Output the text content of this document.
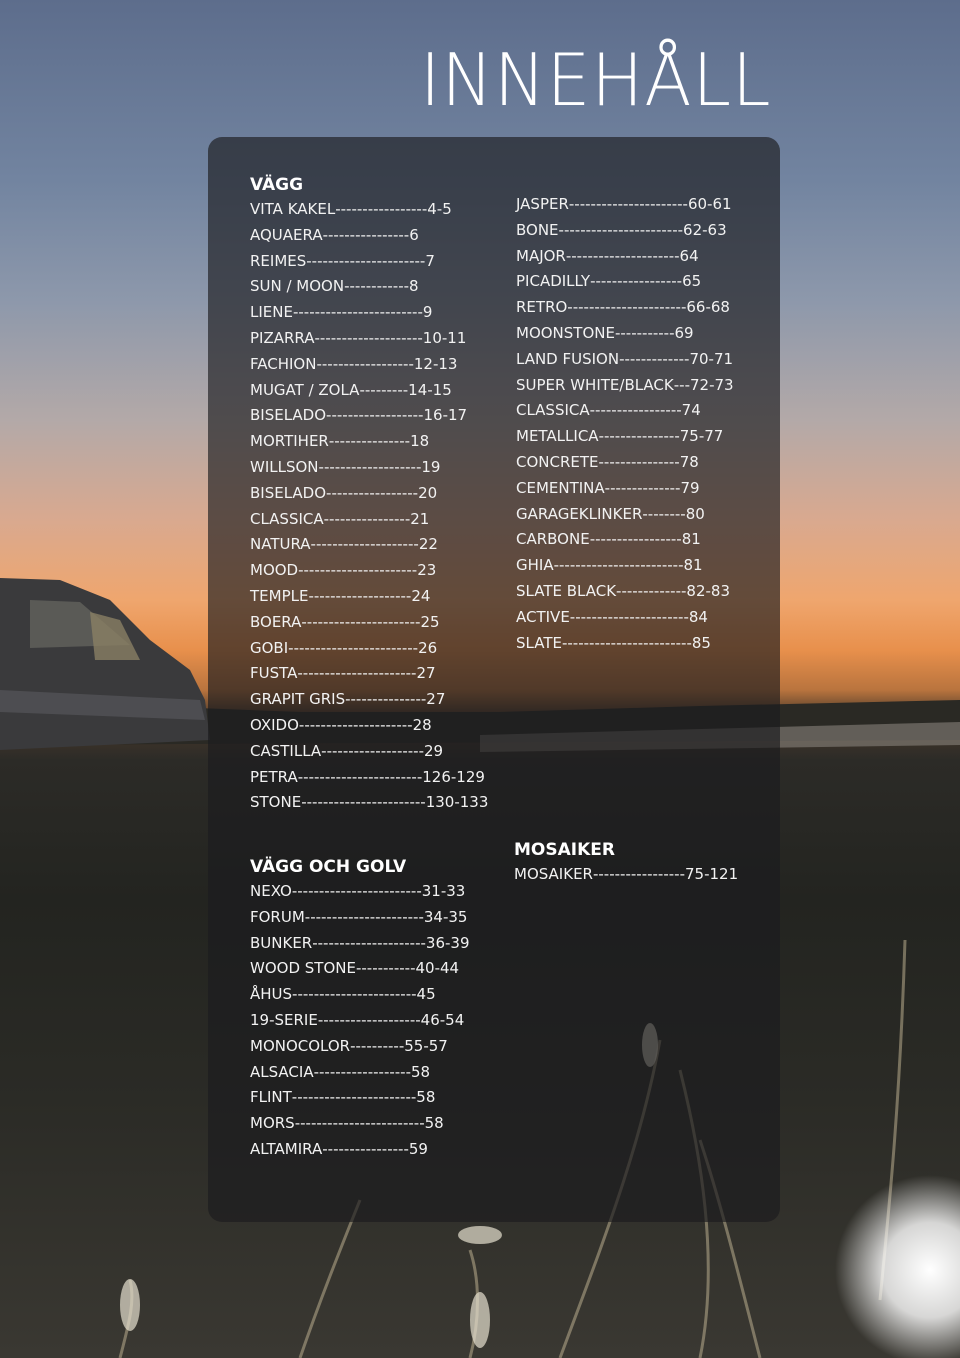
INNEHÅLL
VÄGG
VITA KAKEL ----------------- 4-5
AQUAERA ---------------- 6
REIMES ---------------------- 7
SUN / MOON ------------ 8
LIENE ------------------------ 9
PIZARRA -------------------- 10-11
FACHION ------------------ 12-13
MUGAT / ZOLA --------- 14-15
BISELADO ------------------ 16-17
MORTIHER --------------- 18
WILLSON ------------------- 19
BISELADO ----------------- 20
CLASSICA ---------------- 21
NATURA -------------------- 22
MOOD ---------------------- 23
TEMPLE ------------------- 24
BOERA ---------------------- 25
GOBI ------------------------ 26
FUSTA ---------------------- 27
GRAPIT GRIS --------------- 27
OXIDO --------------------- 28
CASTILLA ------------------- 29
PETRA ----------------------- 126-129
STONE ----------------------- 130-133
VÄGG OCH GOLV
NEXO ------------------------ 31-33
FORUM ---------------------- 34-35
BUNKER --------------------- 36-39
WOOD STONE ----------- 40-44
ÅHUS ----------------------- 45
19-SERIE ------------------- 46-54
MONOCOLOR ---------- 55-57
ALSACIA ------------------ 58
FLINT ----------------------- 58
MORS ------------------------ 58
ALTAMIRA ---------------- 59
JASPER ---------------------- 60-61
BONE ----------------------- 62-63
MAJOR --------------------- 64
PICADILLY ----------------- 65
RETRO ---------------------- 66-68
MOONSTONE ----------- 69
LAND FUSION ------------- 70-71
SUPER WHITE/BLACK --- 72-73
CLASSICA ----------------- 74
METALLICA --------------- 75-77
CONCRETE --------------- 78
CEMENTINA -------------- 79
GARAGEKLINKER -------- 80
CARBONE ----------------- 81
GHIA ------------------------ 81
SLATE BLACK ------------- 82-83
ACTIVE ---------------------- 84
SLATE ------------------------ 85
MOSAIKER
MOSAIKER ----------------- 75-121
